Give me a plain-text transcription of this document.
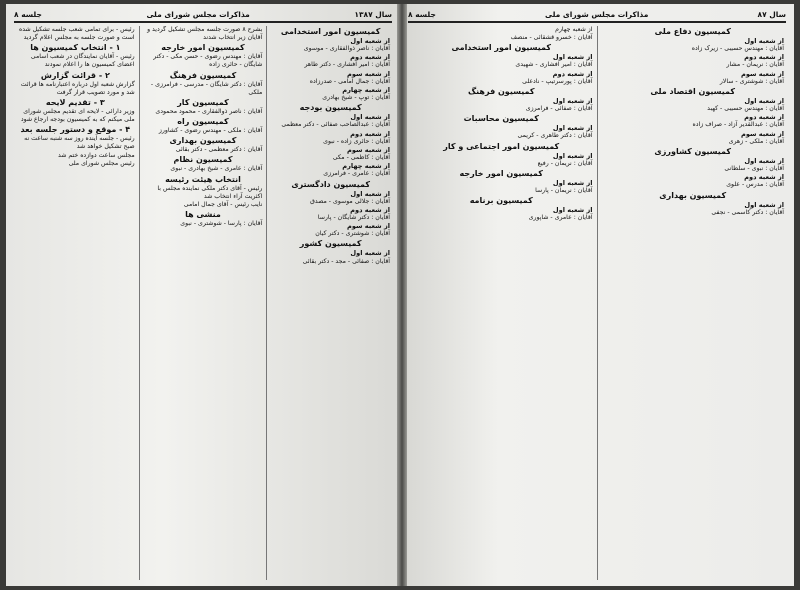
سال ۱۳۸۷
مذاکرات مجلس شورای ملی
جلسه ۸

کمیسیون امور استخدامی

از شعبه اول

آقایان : ناصر ذوالفقاری - موسوی

از شعبه دوم

آقایان : امیر افشاری - دکتر طاهر

از شعبه سوم

آقایان : جمال امامی - صدرزاده

از شعبه چهارم

آقایان : توپ - شیخ بهادری

کمیسیون بودجه

از شعبه اول

آقایان : عبدالصاحب صفائی - دکتر معظمی

از شعبه دوم

آقایان : حائری زاده - نبوی

از شعبه سوم

آقایان : کاظمی - مکی

از شعبه چهارم

آقایان : عامری - فرامرزی

کمیسیون دادگستری

از شعبه اول

آقایان : جلالی موسوی - مصدق

از شعبه دوم

آقایان : دکتر شایگان - پارسا

از شعبه سوم

آقایان : شوشتری - دکتر کیان

کمیسیون کشور

از شعبه اول

آقایان : صفائی - مجد - دکتر بقائی

بشرح ۸ صورت جلسه مجلس تشکیل گردید و آقایان زیر انتخاب شدند

کمیسیون امور خارجه

آقایان : مهندس رضوی - حسن مکی - دکتر شایگان - حائری زاده

کمیسیون فرهنگ

آقایان : دکتر شایگان - مدرسی - فرامرزی - ملکی

کمیسیون کار

آقایان : ناصر ذوالفقاری - محمود محمودی

کمیسیون راه

آقایان : ملکی - مهندس رضوی - کشاورز

کمیسیون بهداری

آقایان : دکتر معظمی - دکتر بقائی

کمیسیون نظام

آقایان : عامری - شیخ بهادری - نبوی

انتخاب هیئت رئیسه

رئیس - آقای دکتر ملکی نماینده مجلس با اکثریت آراء انتخاب شد

نایب رئیس - آقای جمال امامی

منشی ها

آقایان : پارسا - شوشتری - نبوی

رئیس - برای تمامی شعب جلسه تشکیل شده است و صورت جلسه به مجلس اعلام گردید

۱ - انتخاب کمیسیون ها

رئیس - آقایان نمایندگان در شعب اسامی اعضای کمیسیون ها را اعلام نمودند

۲ - قرائت گزارش

گزارش شعبه اول درباره اعتبارنامه ها قرائت شد و مورد تصویب قرار گرفت

۳ - تقدیم لایحه

وزیر دارائی - لایحه ای تقدیم مجلس شورای ملی میکنم که به کمیسیون بودجه ارجاع شود

۴ - موقع و دستور جلسه بعد

رئیس - جلسه آینده روز سه شنبه ساعت نه صبح تشکیل خواهد شد

مجلس ساعت دوازده ختم شد

رئیس مجلس شورای ملی

سال ۸۷
مذاکرات مجلس شورای ملی
جلسه ۸

کمیسیون دفاع ملی

از شعبه اول

آقایان : مهندس حسیبی - زیرک زاده

از شعبه دوم

آقایان : نریمان - مشار

از شعبه سوم

آقایان : شوشتری - سالار

کمیسیون اقتصاد ملی

از شعبه اول

آقایان : مهندس حسیبی - کهبد

از شعبه دوم

آقایان : عبدالقدیر آزاد - صراف زاده

از شعبه سوم

آقایان : ملکی - زهری

کمیسیون کشاورزی

از شعبه اول

آقایان : نبوی - سلطانی

از شعبه دوم

آقایان : مدرس - علوی

کمیسیون بهداری

از شعبه اول

آقایان : دکتر کاسمی - نجفی

از شعبه چهارم

آقایان : خسرو قشقائی - منصف

کمیسیون امور استخدامی

از شعبه اول

آقایان : امیر افشاری - شهیدی

از شعبه دوم

آقایان : پورسرتیپ - نادعلی

کمیسیون فرهنگ

از شعبه اول

آقایان : صفائی - فرامرزی

کمیسیون محاسبات

از شعبه اول

آقایان : دکتر طاهری - کریمی

کمیسیون امور اجتماعی و کار

از شعبه اول

آقایان : نریمان - رفیع

کمیسیون امور خارجه

از شعبه اول

آقایان : نریمان - پارسا

کمیسیون برنامه

از شعبه اول

آقایان : عامری - شاپوری
